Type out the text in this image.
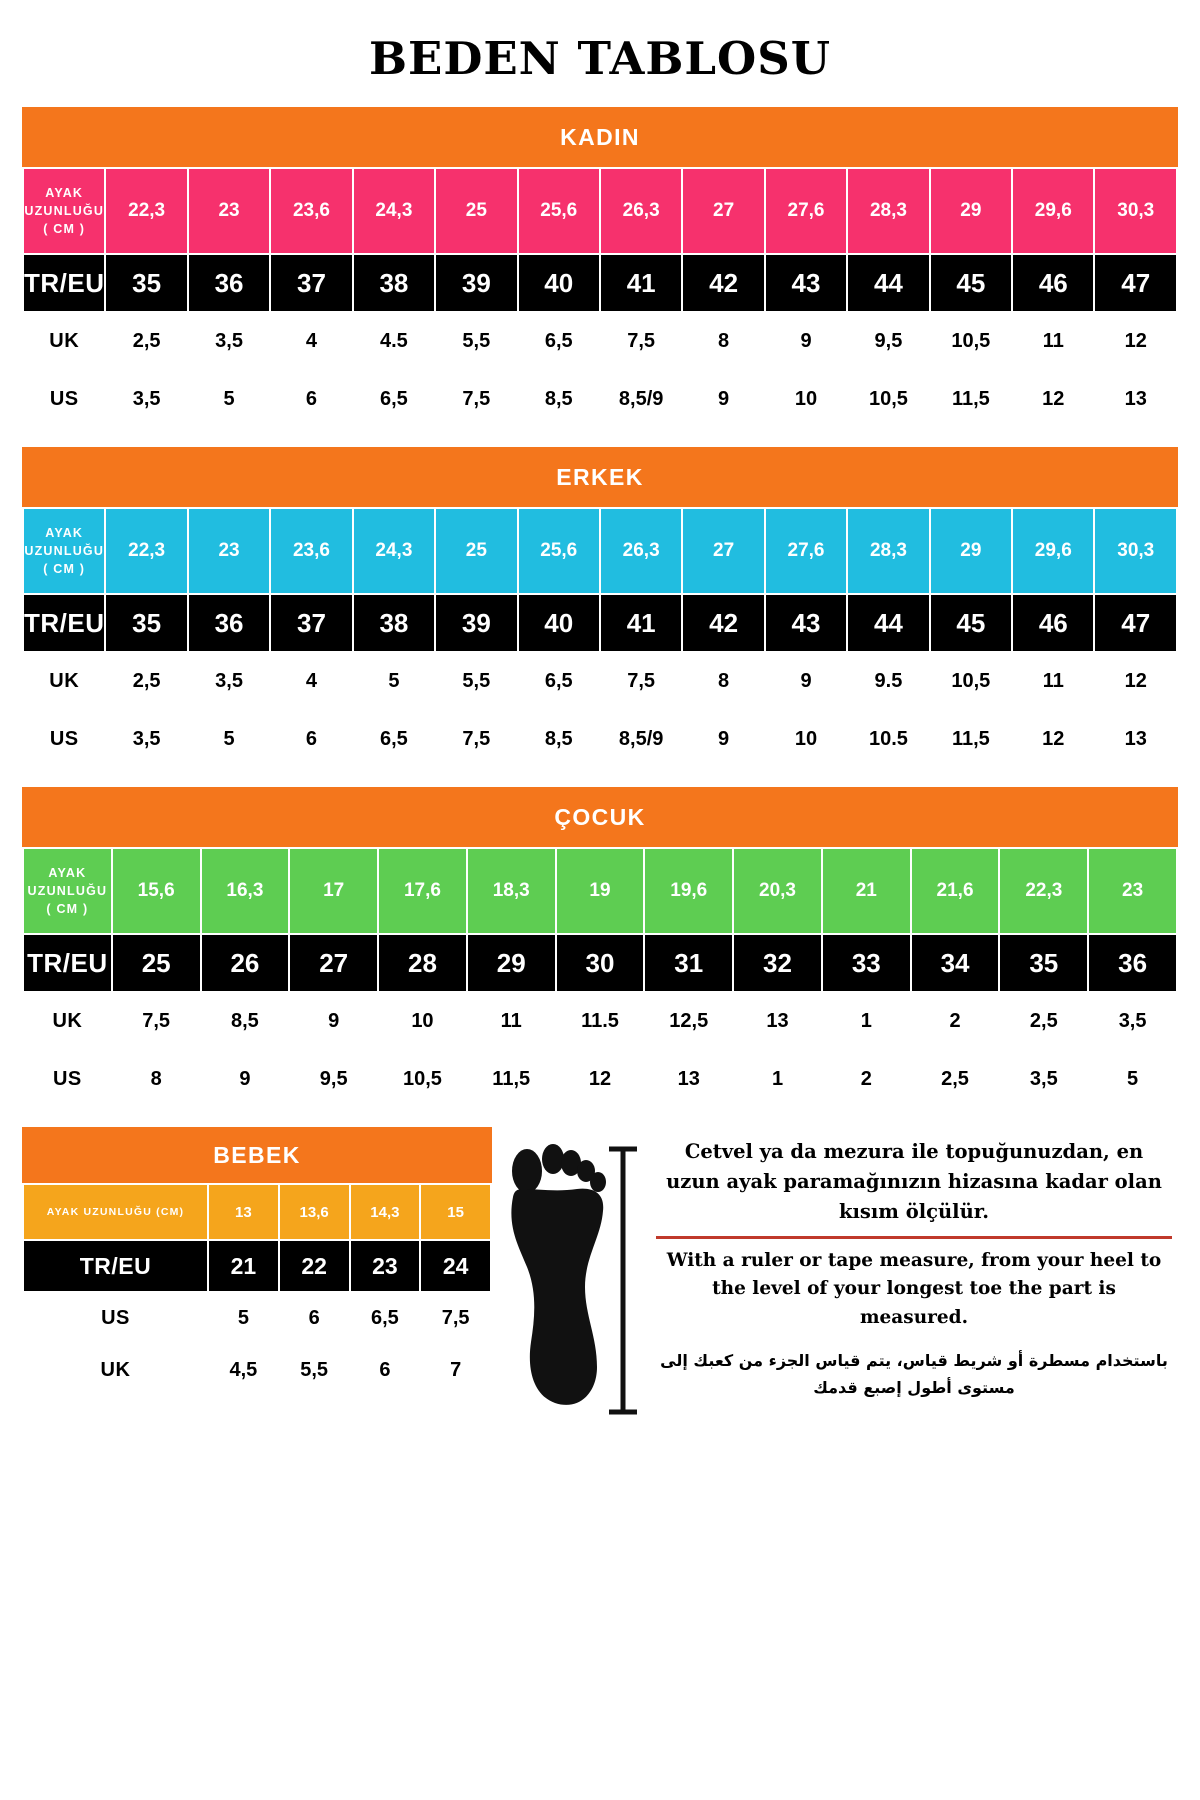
BEDEN TABLOSU
KADIN
AYAK
UZUNLUĞU
( CM )	22,3	23	23,6	24,3	25	25,6	26,3	27	27,6	28,3	29	29,6	30,3
TR/EU	35	36	37	38	39	40	41	42	43	44	45	46	47
UK	2,5	3,5	4	4.5	5,5	6,5	7,5	8	9	9,5	10,5	11	12
US	3,5	5	6	6,5	7,5	8,5	8,5/9	9	10	10,5	11,5	12	13
ERKEK
AYAK
UZUNLUĞU
( CM )	22,3	23	23,6	24,3	25	25,6	26,3	27	27,6	28,3	29	29,6	30,3
TR/EU	35	36	37	38	39	40	41	42	43	44	45	46	47
UK	2,5	3,5	4	5	5,5	6,5	7,5	8	9	9.5	10,5	11	12
US	3,5	5	6	6,5	7,5	8,5	8,5/9	9	10	10.5	11,5	12	13
ÇOCUK
AYAK
UZUNLUĞU
( CM )	15,6	16,3	17	17,6	18,3	19	19,6	20,3	21	21,6	22,3	23
TR/EU	25	26	27	28	29	30	31	32	33	34	35	36
UK	7,5	8,5	9	10	11	11.5	12,5	13	1	2	2,5	3,5
US	8	9	9,5	10,5	11,5	12	13	1	2	2,5	3,5	5
BEBEK
AYAK UZUNLUĞU (CM)	13	13,6	14,3	15
TR/EU	21	22	23	24
US	5	6	6,5	7,5
UK	4,5	5,5	6	7
Cetvel ya da mezura ile topuğunuzdan, en uzun ayak paramağınızın hizasına kadar olan kısım ölçülür.
With a ruler or tape measure, from your heel to the level of your longest toe the part is measured.
باستخدام مسطرة أو شريط قياس، يتم قياس الجزء من كعبك إلى مستوى أطول إصبع قدمك
